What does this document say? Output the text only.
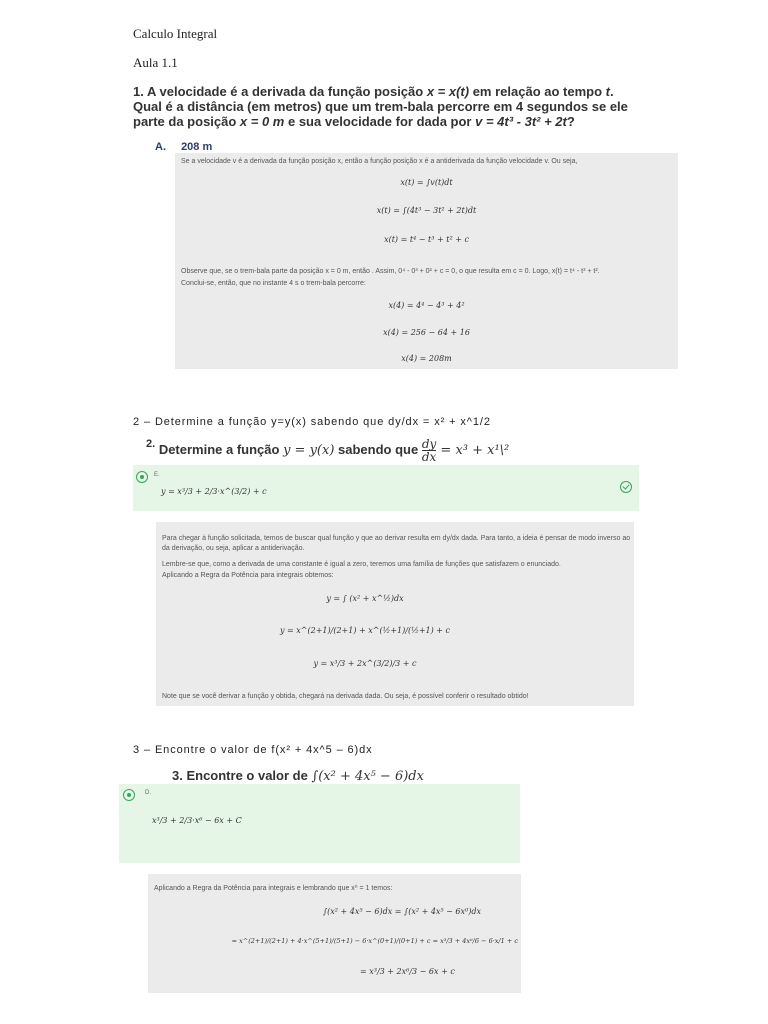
Calculo Integral
Aula 1.1
1. A velocidade é a derivada da função posição x = x(t) em relação ao tempo t. Qual é a distância (em metros) que um trem-bala percorre em 4 segundos se ele parte da posição x = 0 m e sua velocidade for dada por v = 4t³ - 3t² + 2t?
A. 208 m
Se a velocidade v é a derivada da função posição x, então a função posição x é a antiderivada da função velocidade v. Ou seja,
x(t) = ∫v(t)dt
x(t) = ∫(4t³ − 3t² + 2t)dt
x(t) = t⁴ − t³ + t² + c
Observe que, se o trem-bala parte da posição x = 0 m, então . Assim, 0⁴ - 0³ + 0² + c = 0, o que resulta em c = 0. Logo, x(t) = t⁴ - t³ + t².
Conclui-se, então, que no instante 4 s o trem-bala percorre:
x(4) = 4⁴ − 4³ + 4²
x(4) = 256 − 64 + 16
x(4) = 208m
2 – Determine a função y=y(x) sabendo que dy/dx = x² + x^1/2
$^{2.}$ Determine a função y = y(x) sabendo que $\frac{dy}{dx} = x^3$ + x¹\²
E.
y = x³/3 + 2/3·x^(3/2) + c
Para chegar à função solicitada, temos de buscar qual função y que ao derivar resulta em dy/dx dada. Para tanto, a ideia é pensar de modo inverso ao da derivação, ou seja, aplicar a antiderivação.
Lembre-se que, como a derivada de uma constante é igual a zero, teremos uma família de funções que satisfazem o enunciado.
Aplicando a Regra da Potência para integrais obtemos:
y = ∫ (x² + x^½)dx
y = x^(2+1)/(2+1) + x^(½+1)/(½+1) + c
y = x³/3 + 2x^(3/2)/3 + c
Note que se você derivar a função y obtida, chegará na derivada dada. Ou seja, é possível conferir o resultado obtido!
3 – Encontre o valor de f(x² + 4x^5 – 6)dx
3. Encontre o valor de ∫(x² + 4x⁵ − 6)dx
D.
x³/3 + 2/3·x⁶ − 6x + C
Aplicando a Regra da Potência para integrais e lembrando que x⁰ = 1 temos:
∫(x² + 4x⁵ − 6)dx = ∫(x² + 4x⁵ − 6x⁰)dx
= x^(2+1)/(2+1) + 4·x^(5+1)/(5+1) − 6·x^(0+1)/(0+1) + c = x³/3 + 4x⁶/6 − 6·x/1 + c
= x³/3 + 2x⁶/3 − 6x + c
